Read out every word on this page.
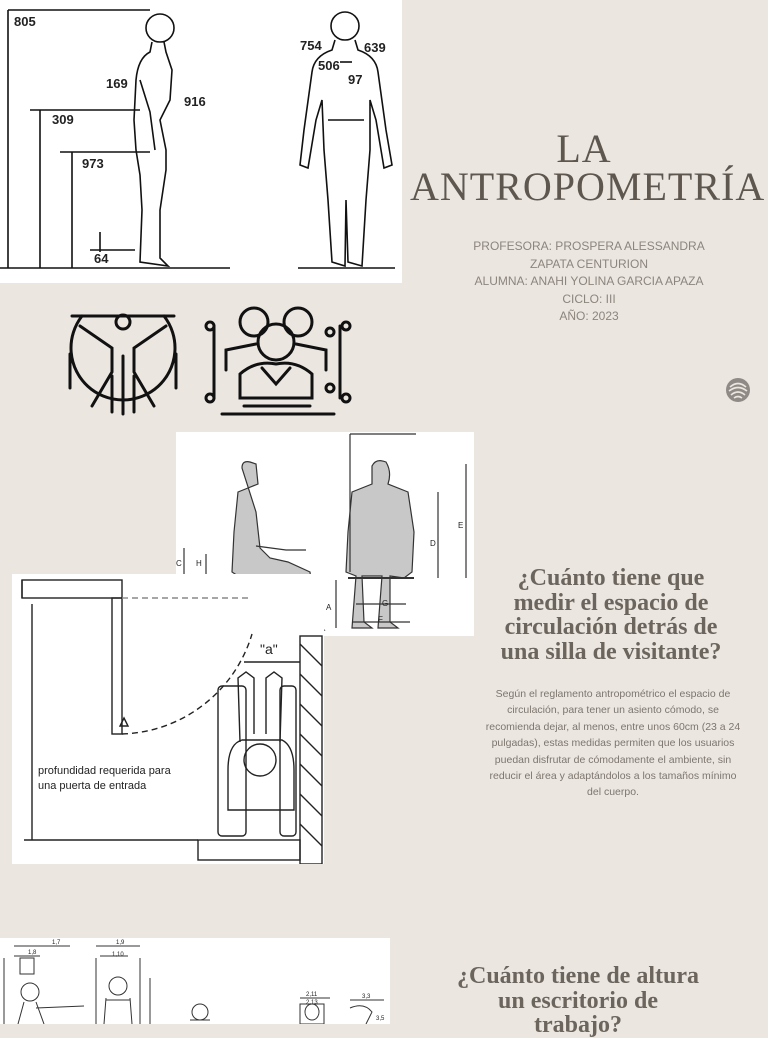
805
169
916
309
973
64
754	639
506
97
LA
ANTROPOMETRÍA
PROFESORA: PROSPERA ALESSANDRA
ZAPATA CENTURION
ALUMNA: ANAHI YOLINA GARCIA APAZA
CICLO: III
AÑO: 2023
A
C
D
E
F
G
H
"a"
profundidad requerida para
una puerta de entrada
¿Cuánto tiene que
medir el espacio de
circulación detrás de
una silla de visitante?

Según el reglamento antropométrico el espacio de circulación, para tener un asiento cómodo, se recomienda dejar, al menos, entre unos 60cm (23 a 24 pulgadas), estas medidas permiten que los usuarios puedan disfrutar de cómodamente el ambiente, sin reducir el área y adaptándolos a los tamaños mínimo del cuerpo.

1,7
1,8
1,9
1,10
2,11
2,13
3,3
3,5
¿Cuánto tiene de altura
un escritorio de
trabajo?
